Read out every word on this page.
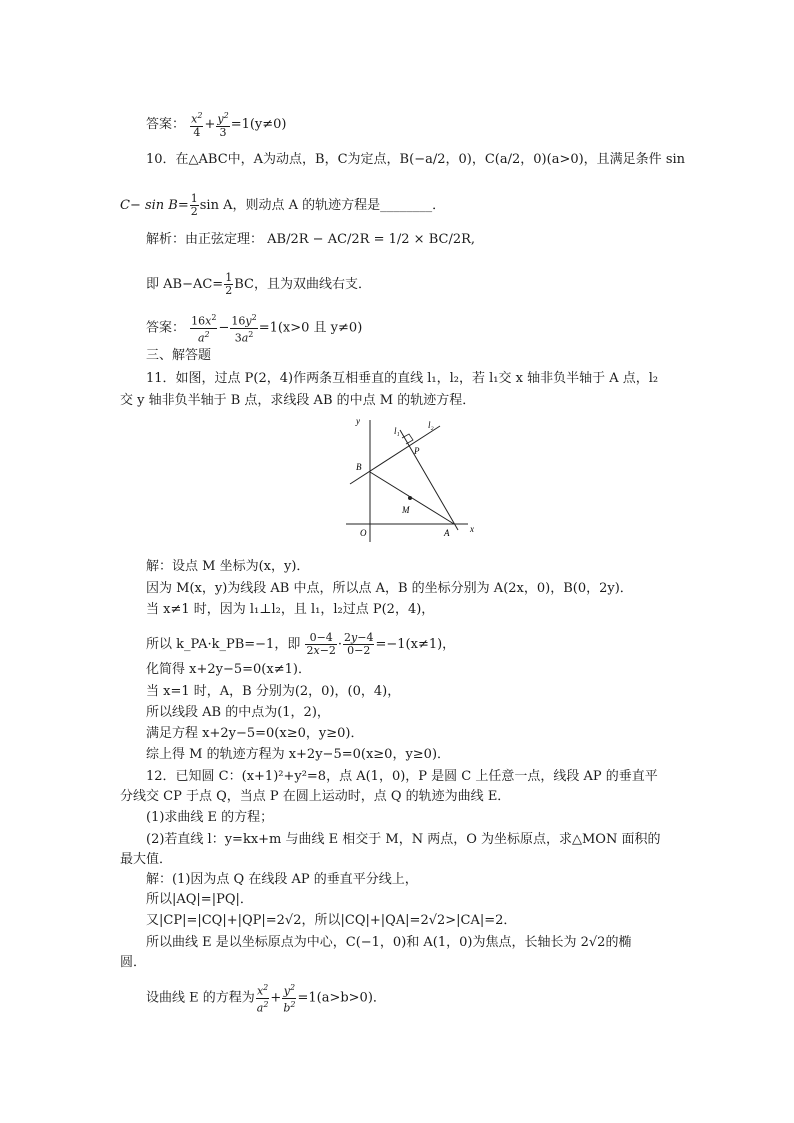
答案： $\frac{x^2}{4} + \frac{y^2}{3} =1(y\ne 0)$
10．在△ABC中，A为动点，B，C为定点，B(−a/2，0)，C(a/2，0)(a>0)，且满足条件 sin
$C- \sin B= \frac{1}{2}$ sin A，则动点 A 的轨迹方程是________．
解析：由正弦定理： AB/2R − AC/2R = 1/2 × BC/2R,
即 $AB-AC= \frac{1}{2}$ BC，且为双曲线右支．
答案： $\frac{16x^2}{a^2} - \frac{16y^2}{3a^2} =1(x>0$ 且 y≠0)
三、解答题
11．如图，过点 P(2，4)作两条互相垂直的直线 l₁，l₂，若 l₁交 x 轴非负半轴于 A 点，l₂
交 y 轴非负半轴于 B 点，求线段 AB 的中点 M 的轨迹方程．
y
x
O	A
B
M
P
l₁
l₂
解：设点 M 坐标为(x，y)．
因为 M(x，y)为线段 AB 中点，所以点 A，B 的坐标分别为 A(2x，0)，B(0，2y)．
当 x≠1 时，因为 l₁⊥l₂，且 l₁，l₂过点 P(2，4)，
所以 k_PA·k_PB=−1，即 $\frac{0-4}{2x-2} \cdot \frac{2y-4}{0-2} =-1(x\ne 1)$，
化简得 x+2y−5=0(x≠1)．
当 x=1 时，A，B 分别为(2，0)，(0，4)，
所以线段 AB 的中点为(1，2)，
满足方程 x+2y−5=0(x≥0，y≥0)．
综上得 M 的轨迹方程为 x+2y−5=0(x≥0，y≥0)．
12．已知圆 C：(x+1)²+y²=8，点 A(1，0)，P 是圆 C 上任意一点，线段 AP 的垂直平
分线交 CP 于点 Q，当点 P 在圆上运动时，点 Q 的轨迹为曲线 E．
(1)求曲线 E 的方程；
(2)若直线 l：y=kx+m 与曲线 E 相交于 M，N 两点，O 为坐标原点，求△MON 面积的
最大值．
解：(1)因为点 Q 在线段 AP 的垂直平分线上，
所以|AQ|=|PQ|．
又|CP|=|CQ|+|QP|=2√2，所以|CQ|+|QA|=2√2>|CA|=2．
所以曲线 E 是以坐标原点为中心，C(−1，0)和 A(1，0)为焦点，长轴长为 2√2的椭
圆．
设曲线 E 的方程为 $\frac{x^2}{a^2} + \frac{y^2}{b^2} =1(a>b>0)$．
